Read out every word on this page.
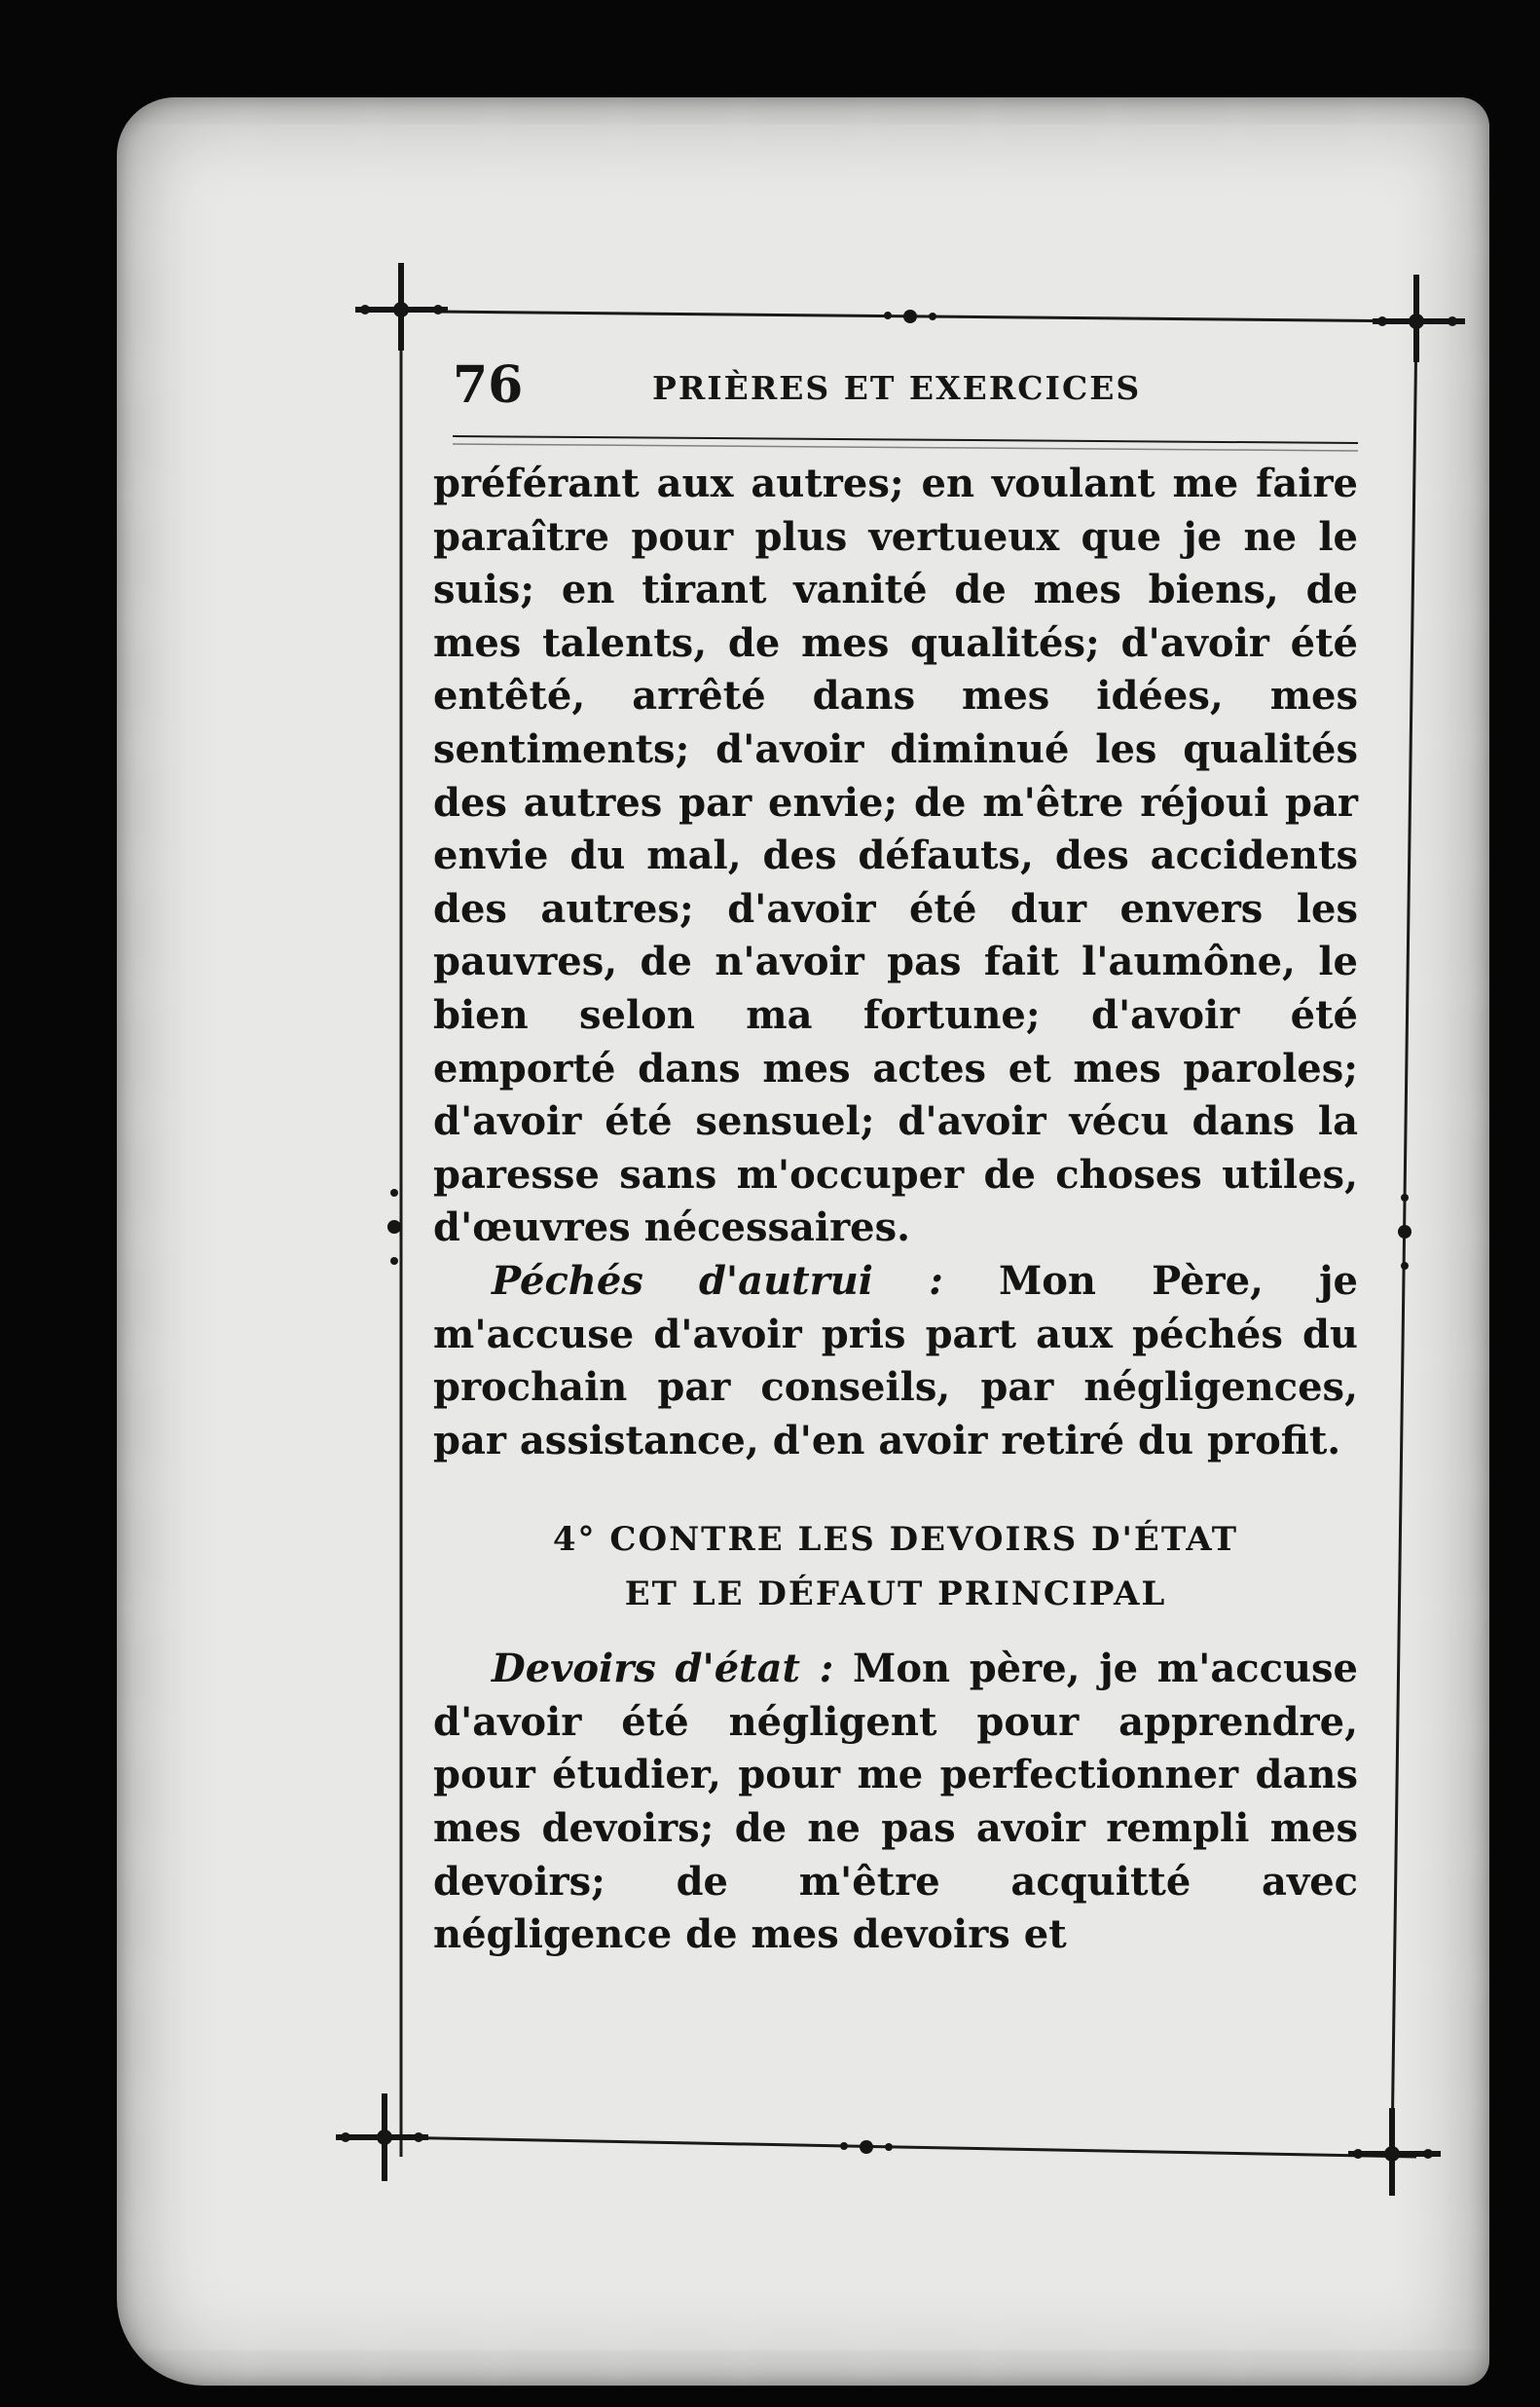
76	PRIÈRES ET EXERCICES

préférant aux autres; en voulant me faire paraître pour plus vertueux que je ne le suis; en tirant vanité de mes biens, de mes talents, de mes qualités; d'avoir été entêté, arrêté dans mes idées, mes sentiments; d'avoir diminué les qualités des autres par envie; de m'être réjoui par envie du mal, des défauts, des accidents des autres; d'avoir été dur envers les pauvres, de n'avoir pas fait l'aumône, le bien selon ma fortune; d'avoir été emporté dans mes actes et mes paroles; d'avoir été sensuel; d'avoir vécu dans la paresse sans m'occuper de choses utiles, d'œuvres nécessaires.

Péchés d'autrui : Mon Père, je m'accuse d'avoir pris part aux péchés du prochain par conseils, par négligences, par assistance, d'en avoir retiré du profit.

4° CONTRE LES DEVOIRS D'ÉTAT
ET LE DÉFAUT PRINCIPAL

Devoirs d'état : Mon père, je m'accuse d'avoir été négligent pour apprendre, pour étudier, pour me perfectionner dans mes devoirs; de ne pas avoir rempli mes devoirs; de m'être acquitté avec négligence de mes devoirs et
